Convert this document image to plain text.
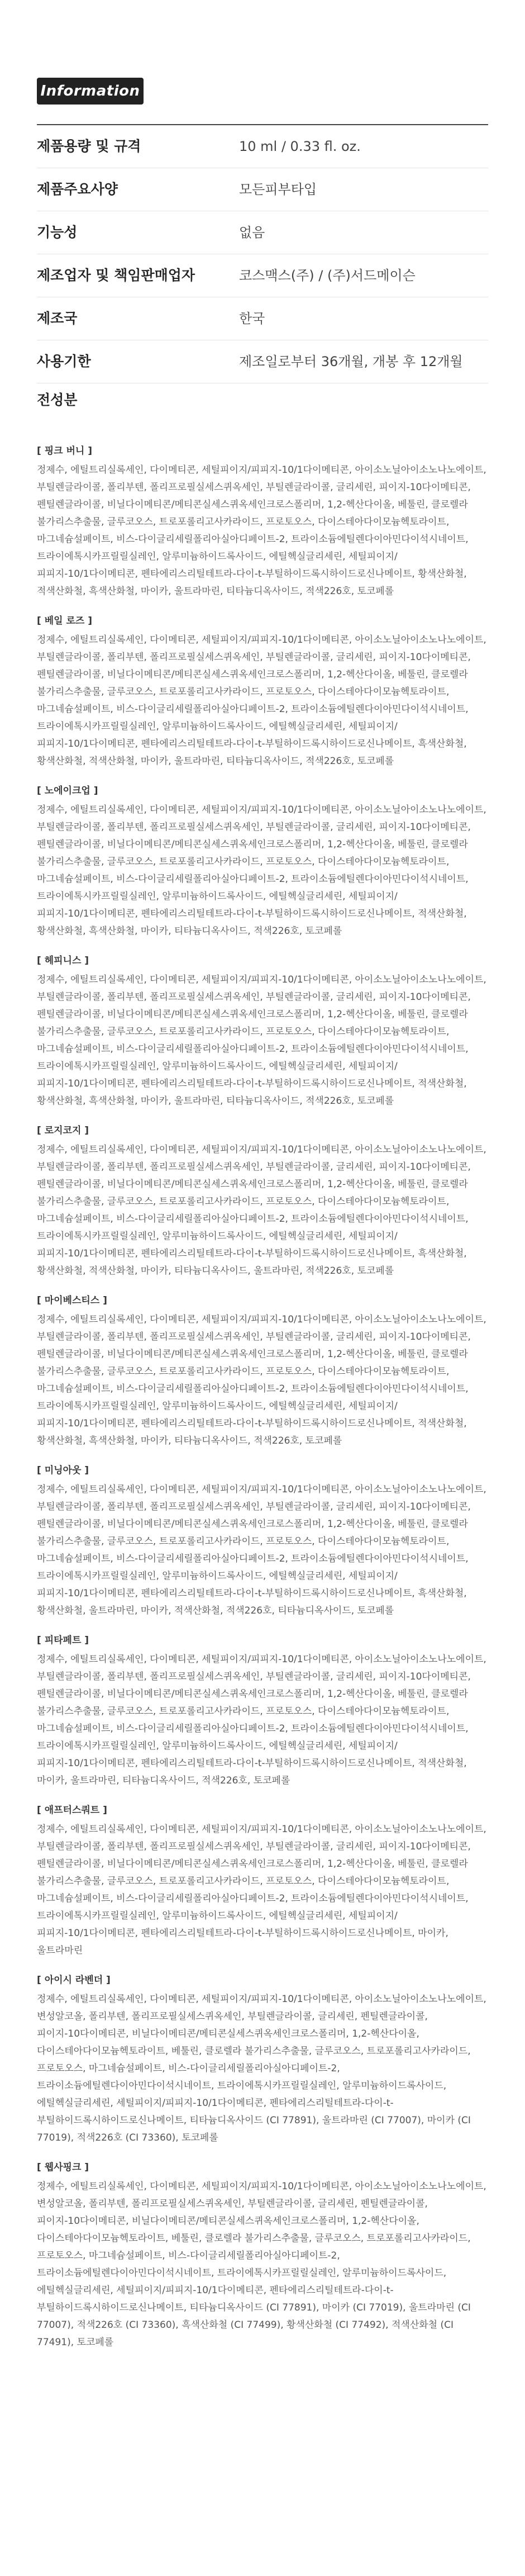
Information
제품용량 및 규격	10 ml / 0.33 fl. oz.
제품주요사양	모든피부타입
기능성	없음
제조업자 및 책임판매업자	코스맥스(주) / (주)서드메이슨
제조국	한국
사용기한	제조일로부터 36개월, 개봉 후 12개월
전성분
[ 핑크 버니 ]
정제수, 에틸트리실록세인, 다이메티콘, 세틸피이지/피피지-10/1다이메티콘, 아이소노닐아이소노나노에이트, 부틸렌글라이콜, 폴리부텐, 폴리프로필실세스퀴옥세인, 부틸렌글라이콜, 글리세린, 피이지-10다이메티콘, 펜틸렌글라이콜, 비닐다이메티콘/메티콘실세스퀴옥세인크로스폴리머, 1,2-헥산다이올, 베툴린, 클로렐라 불가리스추출물, 글루코오스, 트로포롤리고사카라이드, 프로토오스, 다이스테아다이모늄헥토라이트, 마그네슘설페이트, 비스-다이글리세릴폴리아실아디페이트-2, 트라이소듐에틸렌다이아민다이석시네이트, 트라이에톡시카프릴릴실레인, 알루미늄하이드록사이드, 에틸헥실글리세린, 세틸피이지/피피지-10/1다이메티콘, 펜타에리스리틸테트라-다이-t-부틸하이드록시하이드로신나메이트, 황색산화철, 적색산화철, 흑색산화철, 마이카, 울트라마린, 티타늄디옥사이드, 적색226호, 토코페롤
[ 베일 로즈 ]
정제수, 에틸트리실록세인, 다이메티콘, 세틸피이지/피피지-10/1다이메티콘, 아이소노닐아이소노나노에이트, 부틸렌글라이콜, 폴리부텐, 폴리프로필실세스퀴옥세인, 부틸렌글라이콜, 글리세린, 피이지-10다이메티콘, 펜틸렌글라이콜, 비닐다이메티콘/메티콘실세스퀴옥세인크로스폴리머, 1,2-헥산다이올, 베툴린, 클로렐라 불가리스추출물, 글루코오스, 트로포롤리고사카라이드, 프로토오스, 다이스테아다이모늄헥토라이트, 마그네슘설페이트, 비스-다이글리세릴폴리아실아디페이트-2, 트라이소듐에틸렌다이아민다이석시네이트, 트라이에톡시카프릴릴실레인, 알루미늄하이드록사이드, 에틸헥실글리세린, 세틸피이지/피피지-10/1다이메티콘, 펜타에리스리틸테트라-다이-t-부틸하이드록시하이드로신나메이트, 흑색산화철, 황색산화철, 적색산화철, 마이카, 울트라마린, 티타늄디옥사이드, 적색226호, 토코페롤
[ 노에이크업 ]
정제수, 에틸트리실록세인, 다이메티콘, 세틸피이지/피피지-10/1다이메티콘, 아이소노닐아이소노나노에이트, 부틸렌글라이콜, 폴리부텐, 폴리프로필실세스퀴옥세인, 부틸렌글라이콜, 글리세린, 피이지-10다이메티콘, 펜틸렌글라이콜, 비닐다이메티콘/메티콘실세스퀴옥세인크로스폴리머, 1,2-헥산다이올, 베툴린, 클로렐라 불가리스추출물, 글루코오스, 트로포롤리고사카라이드, 프로토오스, 다이스테아다이모늄헥토라이트, 마그네슘설페이트, 비스-다이글리세릴폴리아실아디페이트-2, 트라이소듐에틸렌다이아민다이석시네이트, 트라이에톡시카프릴릴실레인, 알루미늄하이드록사이드, 에틸헥실글리세린, 세틸피이지/피피지-10/1다이메티콘, 펜타에리스리틸테트라-다이-t-부틸하이드록시하이드로신나메이트, 적색산화철, 황색산화철, 흑색산화철, 마이카, 티타늄디옥사이드, 적색226호, 토코페롤
[ 헤피니스 ]
정제수, 에틸트리실록세인, 다이메티콘, 세틸피이지/피피지-10/1다이메티콘, 아이소노닐아이소노나노에이트, 부틸렌글라이콜, 폴리부텐, 폴리프로필실세스퀴옥세인, 부틸렌글라이콜, 글리세린, 피이지-10다이메티콘, 펜틸렌글라이콜, 비닐다이메티콘/메티콘실세스퀴옥세인크로스폴리머, 1,2-헥산다이올, 베툴린, 클로렐라 불가리스추출물, 글루코오스, 트로포롤리고사카라이드, 프로토오스, 다이스테아다이모늄헥토라이트, 마그네슘설페이트, 비스-다이글리세릴폴리아실아디페이트-2, 트라이소듐에틸렌다이아민다이석시네이트, 트라이에톡시카프릴릴실레인, 알루미늄하이드록사이드, 에틸헥실글리세린, 세틸피이지/피피지-10/1다이메티콘, 펜타에리스리틸테트라-다이-t-부틸하이드록시하이드로신나메이트, 적색산화철, 황색산화철, 흑색산화철, 마이카, 울트라마린, 티타늄디옥사이드, 적색226호, 토코페롤
[ 로지코지 ]
정제수, 에틸트리실록세인, 다이메티콘, 세틸피이지/피피지-10/1다이메티콘, 아이소노닐아이소노나노에이트, 부틸렌글라이콜, 폴리부텐, 폴리프로필실세스퀴옥세인, 부틸렌글라이콜, 글리세린, 피이지-10다이메티콘, 펜틸렌글라이콜, 비닐다이메티콘/메티콘실세스퀴옥세인크로스폴리머, 1,2-헥산다이올, 베툴린, 클로렐라 불가리스추출물, 글루코오스, 트로포롤리고사카라이드, 프로토오스, 다이스테아다이모늄헥토라이트, 마그네슘설페이트, 비스-다이글리세릴폴리아실아디페이트-2, 트라이소듐에틸렌다이아민다이석시네이트, 트라이에톡시카프릴릴실레인, 알루미늄하이드록사이드, 에틸헥실글리세린, 세틸피이지/피피지-10/1다이메티콘, 펜타에리스리틸테트라-다이-t-부틸하이드록시하이드로신나메이트, 흑색산화철, 황색산화철, 적색산화철, 마이카, 티타늄디옥사이드, 울트라마린, 적색226호, 토코페롤
[ 마이베스티스 ]
정제수, 에틸트리실록세인, 다이메티콘, 세틸피이지/피피지-10/1다이메티콘, 아이소노닐아이소노나노에이트, 부틸렌글라이콜, 폴리부텐, 폴리프로필실세스퀴옥세인, 부틸렌글라이콜, 글리세린, 피이지-10다이메티콘, 펜틸렌글라이콜, 비닐다이메티콘/메티콘실세스퀴옥세인크로스폴리머, 1,2-헥산다이올, 베툴린, 클로렐라 불가리스추출물, 글루코오스, 트로포롤리고사카라이드, 프로토오스, 다이스테아다이모늄헥토라이트, 마그네슘설페이트, 비스-다이글리세릴폴리아실아디페이트-2, 트라이소듐에틸렌다이아민다이석시네이트, 트라이에톡시카프릴릴실레인, 알루미늄하이드록사이드, 에틸헥실글리세린, 세틸피이지/피피지-10/1다이메티콘, 펜타에리스리틸테트라-다이-t-부틸하이드록시하이드로신나메이트, 적색산화철, 황색산화철, 흑색산화철, 마이카, 티타늄디옥사이드, 적색226호, 토코페롤
[ 미닝아웃 ]
정제수, 에틸트리실록세인, 다이메티콘, 세틸피이지/피피지-10/1다이메티콘, 아이소노닐아이소노나노에이트, 부틸렌글라이콜, 폴리부텐, 폴리프로필실세스퀴옥세인, 부틸렌글라이콜, 글리세린, 피이지-10다이메티콘, 펜틸렌글라이콜, 비닐다이메티콘/메티콘실세스퀴옥세인크로스폴리머, 1,2-헥산다이올, 베툴린, 클로렐라 불가리스추출물, 글루코오스, 트로포롤리고사카라이드, 프로토오스, 다이스테아다이모늄헥토라이트, 마그네슘설페이트, 비스-다이글리세릴폴리아실아디페이트-2, 트라이소듐에틸렌다이아민다이석시네이트, 트라이에톡시카프릴릴실레인, 알루미늄하이드록사이드, 에틸헥실글리세린, 세틸피이지/피피지-10/1다이메티콘, 펜타에리스리틸테트라-다이-t-부틸하이드록시하이드로신나메이트, 흑색산화철, 황색산화철, 울트라마린, 마이카, 적색산화철, 적색226호, 티타늄디옥사이드, 토코페롤
[ 피타페트 ]
정제수, 에틸트리실록세인, 다이메티콘, 세틸피이지/피피지-10/1다이메티콘, 아이소노닐아이소노나노에이트, 부틸렌글라이콜, 폴리부텐, 폴리프로필실세스퀴옥세인, 부틸렌글라이콜, 글리세린, 피이지-10다이메티콘, 펜틸렌글라이콜, 비닐다이메티콘/메티콘실세스퀴옥세인크로스폴리머, 1,2-헥산다이올, 베툴린, 클로렐라 불가리스추출물, 글루코오스, 트로포롤리고사카라이드, 프로토오스, 다이스테아다이모늄헥토라이트, 마그네슘설페이트, 비스-다이글리세릴폴리아실아디페이트-2, 트라이소듐에틸렌다이아민다이석시네이트, 트라이에톡시카프릴릴실레인, 알루미늄하이드록사이드, 에틸헥실글리세린, 세틸피이지/피피지-10/1다이메티콘, 펜타에리스리틸테트라-다이-t-부틸하이드록시하이드로신나메이트, 적색산화철, 마이카, 울트라마린, 티타늄디옥사이드, 적색226호, 토코페롤
[ 애프터스쿼트 ]
정제수, 에틸트리실록세인, 다이메티콘, 세틸피이지/피피지-10/1다이메티콘, 아이소노닐아이소노나노에이트, 부틸렌글라이콜, 폴리부텐, 폴리프로필실세스퀴옥세인, 부틸렌글라이콜, 글리세린, 피이지-10다이메티콘, 펜틸렌글라이콜, 비닐다이메티콘/메티콘실세스퀴옥세인크로스폴리머, 1,2-헥산다이올, 베툴린, 클로렐라 불가리스추출물, 글루코오스, 트로포롤리고사카라이드, 프로토오스, 다이스테아다이모늄헥토라이트, 마그네슘설페이트, 비스-다이글리세릴폴리아실아디페이트-2, 트라이소듐에틸렌다이아민다이석시네이트, 트라이에톡시카프릴릴실레인, 알루미늄하이드록사이드, 에틸헥실글리세린, 세틸피이지/피피지-10/1다이메티콘, 펜타에리스리틸테트라-다이-t-부틸하이드록시하이드로신나메이트, 마이카, 울트라마린
[ 아이시 라벤더 ]
정제수, 에틸트리실록세인, 다이메티콘, 세틸피이지/피피지-10/1다이메티콘, 아이소노닐아이소노나노에이트, 변성알코올, 폴리부텐, 폴리프로필실세스퀴옥세인, 부틸렌글라이콜, 글리세린, 펜틸렌글라이콜, 피이지-10다이메티콘, 비닐다이메티콘/메티콘실세스퀴옥세인크로스폴리머, 1,2-헥산다이올, 다이스테아다이모늄헥토라이트, 베툴린, 클로렐라 불가리스추출물, 글루코오스, 트로포롤리고사카라이드, 프로토오스, 마그네슘설페이트, 비스-다이글리세릴폴리아실아디페이트-2, 트라이소듐에틸렌다이아민다이석시네이트, 트라이에톡시카프릴릴실레인, 알루미늄하이드록사이드, 에틸헥실글리세린, 세틸피이지/피피지-10/1다이메티콘, 펜타에리스리틸테트라-다이-t-부틸하이드록시하이드로신나메이트, 티타늄디옥사이드 (CI 77891), 울트라마린 (CI 77007), 마이카 (CI 77019), 적색226호 (CI 73360), 토코페롤
[ 웹사핑크 ]
정제수, 에틸트리실록세인, 다이메티콘, 세틸피이지/피피지-10/1다이메티콘, 아이소노닐아이소노나노에이트, 변성알코올, 폴리부텐, 폴리프로필실세스퀴옥세인, 부틸렌글라이콜, 글리세린, 펜틸렌글라이콜, 피이지-10다이메티콘, 비닐다이메티콘/메티콘실세스퀴옥세인크로스폴리머, 1,2-헥산다이올, 다이스테아다이모늄헥토라이트, 베툴린, 클로렐라 불가리스추출물, 글루코오스, 트로포롤리고사카라이드, 프로토오스, 마그네슘설페이트, 비스-다이글리세릴폴리아실아디페이트-2, 트라이소듐에틸렌다이아민다이석시네이트, 트라이에톡시카프릴릴실레인, 알루미늄하이드록사이드, 에틸헥실글리세린, 세틸피이지/피피지-10/1다이메티콘, 펜타에리스리틸테트라-다이-t-부틸하이드록시하이드로신나메이트, 티타늄디옥사이드 (CI 77891), 마이카 (CI 77019), 울트라마린 (CI 77007), 적색226호 (CI 73360), 흑색산화철 (CI 77499), 황색산화철 (CI 77492), 적색산화철 (CI 77491), 토코페롤
